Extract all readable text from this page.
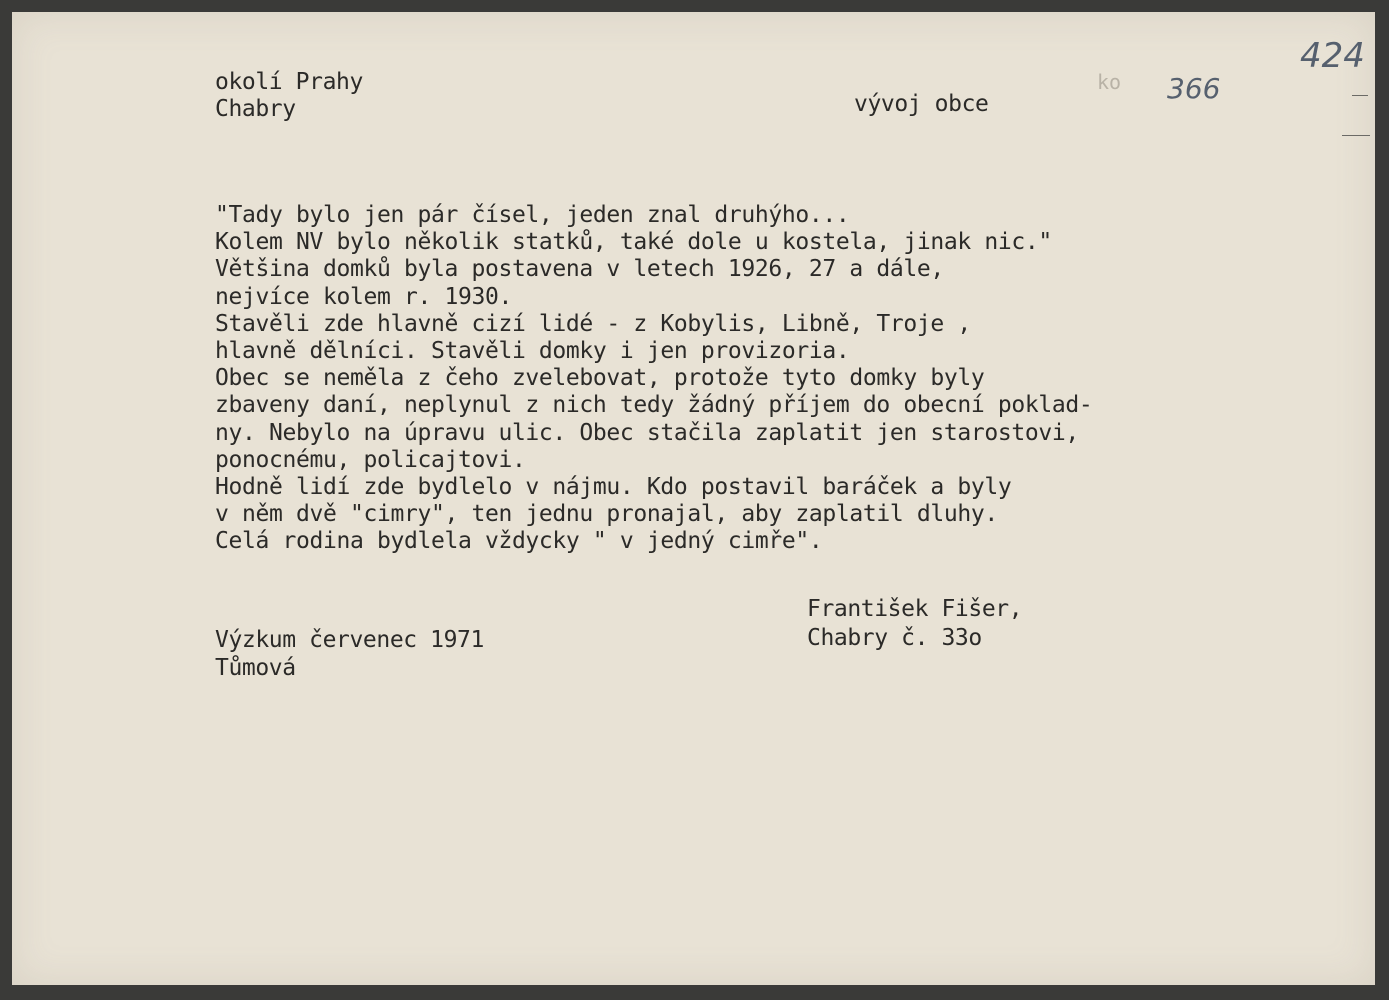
okolí Prahy
Chabry	vývoj obce
ko 366
424
"Tady bylo jen pár čísel, jeden znal druhýho...
Kolem NV bylo několik statků, také dole u kostela, jinak nic."
Většina domků byla postavena v letech 1926, 27 a dále,
nejvíce kolem r. 1930.
Stavěli zde hlavně cizí lidé - z Kobylis, Libně, Troje ,
hlavně dělníci. Stavěli domky i jen provizoria.
Obec se neměla z čeho zvelebovat, protože tyto domky byly
zbaveny daní, neplynul z nich tedy žádný příjem do obecní poklad-
ny. Nebylo na úpravu ulic. Obec stačila zaplatit jen starostovi,
ponocnému, policajtovi.
Hodně lidí zde bydlelo v nájmu. Kdo postavil baráček a byly
v něm dvě "cimry", ten jednu pronajal, aby zaplatil dluhy.
Celá rodina bydlela vždycky " v jedný cimře".
František Fišer,
Chabry č. 33o
Výzkum červenec 1971
Tůmová
